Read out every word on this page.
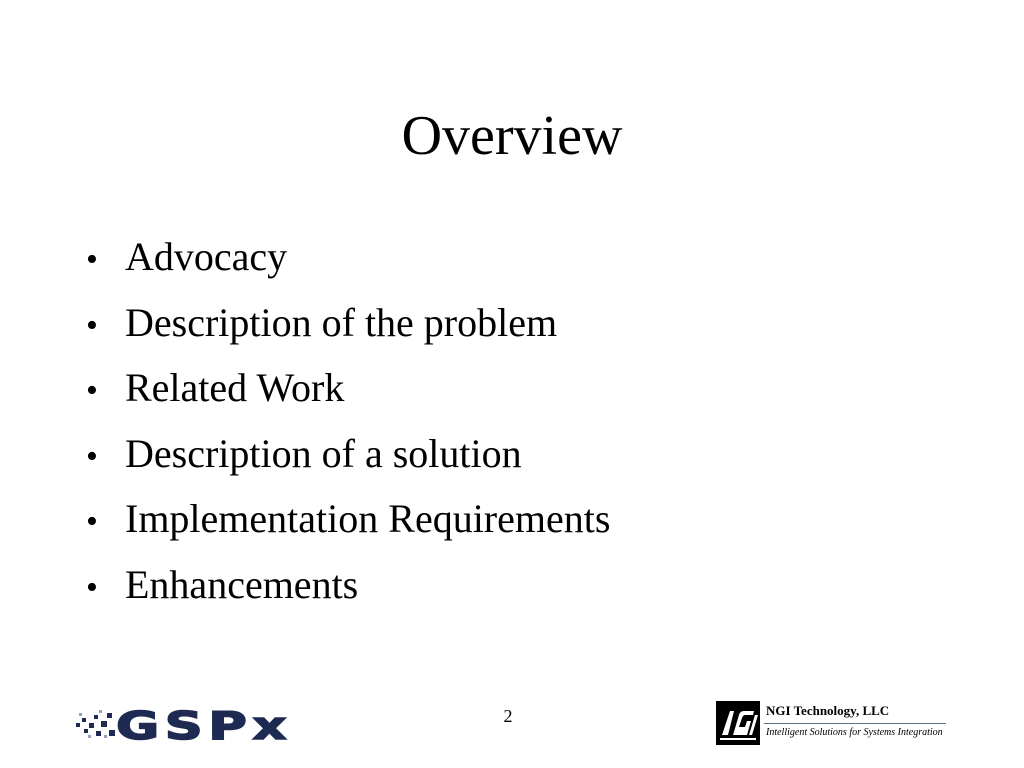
Overview
• Advocacy
• Description of the problem
• Related Work
• Description of a solution
• Implementation Requirements
• Enhancements
2
GSPx	NGI Technology, LLC
Intelligent Solutions for Systems Integration
